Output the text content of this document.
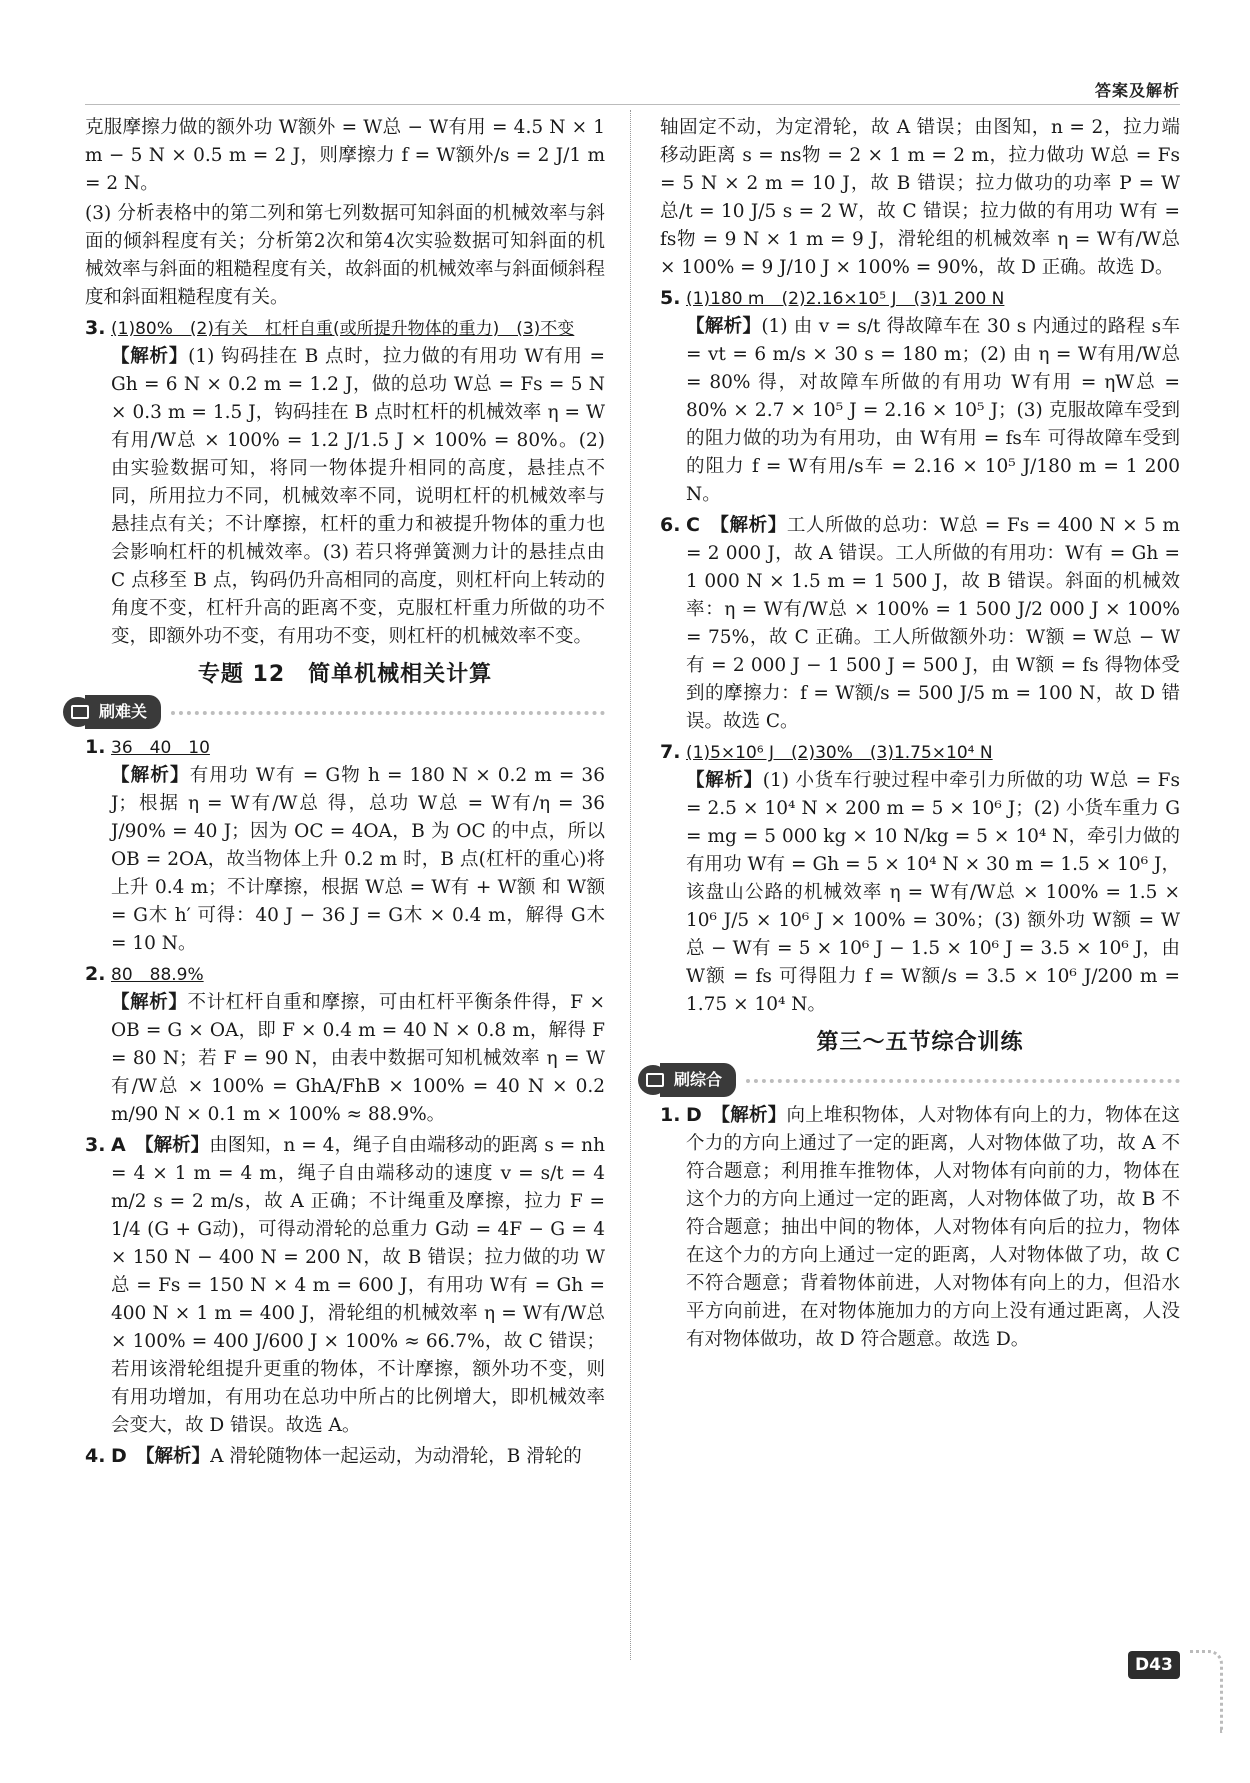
答案及解析

克服摩擦力做的额外功 W额外 = W总 − W有用 = 4.5 N × 1 m − 5 N × 0.5 m = 2 J，则摩擦力 f = W额外/s = 2 J/1 m = 2 N。

(3) 分析表格中的第二列和第七列数据可知斜面的机械效率与斜面的倾斜程度有关；分析第2次和第4次实验数据可知斜面的机械效率与斜面的粗糙程度有关，故斜面的机械效率与斜面倾斜程度和斜面粗糙程度有关。

3. (1)80%　(2)有关　杠杆自重(或所提升物体的重力)　(3)不变
【解析】(1) 钩码挂在 B 点时，拉力做的有用功 W有用 = Gh = 6 N × 0.2 m = 1.2 J，做的总功 W总 = Fs = 5 N × 0.3 m = 1.5 J，钩码挂在 B 点时杠杆的机械效率 η = W有用/W总 × 100% = 1.2 J/1.5 J × 100% = 80%。(2) 由实验数据可知，将同一物体提升相同的高度，悬挂点不同，所用拉力不同，机械效率不同，说明杠杆的机械效率与悬挂点有关；不计摩擦，杠杆的重力和被提升物体的重力也会影响杠杆的机械效率。(3) 若只将弹簧测力计的悬挂点由 C 点移至 B 点，钩码仍升高相同的高度，则杠杆向上转动的角度不变，杠杆升高的距离不变，克服杠杆重力所做的功不变，即额外功不变，有用功不变，则杠杆的机械效率不变。

专题 12　简单机械相关计算
刷难关

1. 36　40　10
【解析】有用功 W有 = G物 h = 180 N × 0.2 m = 36 J；根据 η = W有/W总 得，总功 W总 = W有/η = 36 J/90% = 40 J；因为 OC = 4OA，B 为 OC 的中点，所以 OB = 2OA，故当物体上升 0.2 m 时，B 点(杠杆的重心)将上升 0.4 m；不计摩擦，根据 W总 = W有 + W额 和 W额 = G木 h′ 可得：40 J − 36 J = G木 × 0.4 m，解得 G木 = 10 N。

2. 80　88.9%
【解析】不计杠杆自重和摩擦，可由杠杆平衡条件得，F × OB = G × OA，即 F × 0.4 m = 40 N × 0.8 m，解得 F = 80 N；若 F = 90 N，由表中数据可知机械效率 η = W有/W总 × 100% = GhA/FhB × 100% = 40 N × 0.2 m/90 N × 0.1 m × 100% ≈ 88.9%。

3. A　 【解析】由图知，n = 4，绳子自由端移动的距离 s = nh = 4 × 1 m = 4 m，绳子自由端移动的速度 v = s/t = 4 m/2 s = 2 m/s，故 A 正确；不计绳重及摩擦，拉力 F = 1/4 (G + G动)，可得动滑轮的总重力 G动 = 4F − G = 4 × 150 N − 400 N = 200 N，故 B 错误；拉力做的功 W总 = Fs = 150 N × 4 m = 600 J，有用功 W有 = Gh = 400 N × 1 m = 400 J，滑轮组的机械效率 η = W有/W总 × 100% = 400 J/600 J × 100% ≈ 66.7%，故 C 错误；若用该滑轮组提升更重的物体，不计摩擦，额外功不变，则有用功增加，有用功在总功中所占的比例增大，即机械效率会变大，故 D 错误。故选 A。

4. D　 【解析】A 滑轮随物体一起运动，为动滑轮，B 滑轮的

轴固定不动，为定滑轮，故 A 错误；由图知，n = 2，拉力端移动距离 s = ns物 = 2 × 1 m = 2 m，拉力做功 W总 = Fs = 5 N × 2 m = 10 J，故 B 错误；拉力做功的功率 P = W总/t = 10 J/5 s = 2 W，故 C 错误；拉力做的有用功 W有 = fs物 = 9 N × 1 m = 9 J，滑轮组的机械效率 η = W有/W总 × 100% = 9 J/10 J × 100% = 90%，故 D 正确。故选 D。

5. (1)180 m　(2)2.16×10⁵ J　(3)1 200 N
【解析】(1) 由 v = s/t 得故障车在 30 s 内通过的路程 s车 = vt = 6 m/s × 30 s = 180 m；(2) 由 η = W有用/W总 = 80% 得，对故障车所做的有用功 W有用 = ηW总 = 80% × 2.7 × 10⁵ J = 2.16 × 10⁵ J；(3) 克服故障车受到的阻力做的功为有用功，由 W有用 = fs车 可得故障车受到的阻力 f = W有用/s车 = 2.16 × 10⁵ J/180 m = 1 200 N。

6. C　 【解析】工人所做的总功：W总 = Fs = 400 N × 5 m = 2 000 J，故 A 错误。工人所做的有用功：W有 = Gh = 1 000 N × 1.5 m = 1 500 J，故 B 错误。斜面的机械效率：η = W有/W总 × 100% = 1 500 J/2 000 J × 100% = 75%，故 C 正确。工人所做额外功：W额 = W总 − W有 = 2 000 J − 1 500 J = 500 J，由 W额 = fs 得物体受到的摩擦力：f = W额/s = 500 J/5 m = 100 N，故 D 错误。故选 C。

7. (1)5×10⁶ J　(2)30%　(3)1.75×10⁴ N
【解析】(1) 小货车行驶过程中牵引力所做的功 W总 = Fs = 2.5 × 10⁴ N × 200 m = 5 × 10⁶ J；(2) 小货车重力 G = mg = 5 000 kg × 10 N/kg = 5 × 10⁴ N，牵引力做的有用功 W有 = Gh = 5 × 10⁴ N × 30 m = 1.5 × 10⁶ J，该盘山公路的机械效率 η = W有/W总 × 100% = 1.5 × 10⁶ J/5 × 10⁶ J × 100% = 30%；(3) 额外功 W额 = W总 − W有 = 5 × 10⁶ J − 1.5 × 10⁶ J = 3.5 × 10⁶ J，由 W额 = fs 可得阻力 f = W额/s = 3.5 × 10⁶ J/200 m = 1.75 × 10⁴ N。

第三～五节综合训练
刷综合

1. D　 【解析】向上堆积物体，人对物体有向上的力，物体在这个力的方向上通过了一定的距离，人对物体做了功，故 A 不符合题意；利用推车推物体，人对物体有向前的力，物体在这个力的方向上通过一定的距离，人对物体做了功，故 B 不符合题意；抽出中间的物体，人对物体有向后的拉力，物体在这个力的方向上通过一定的距离，人对物体做了功，故 C 不符合题意；背着物体前进，人对物体有向上的力，但沿水平方向前进，在对物体施加力的方向上没有通过距离，人没有对物体做功，故 D 符合题意。故选 D。

D43
